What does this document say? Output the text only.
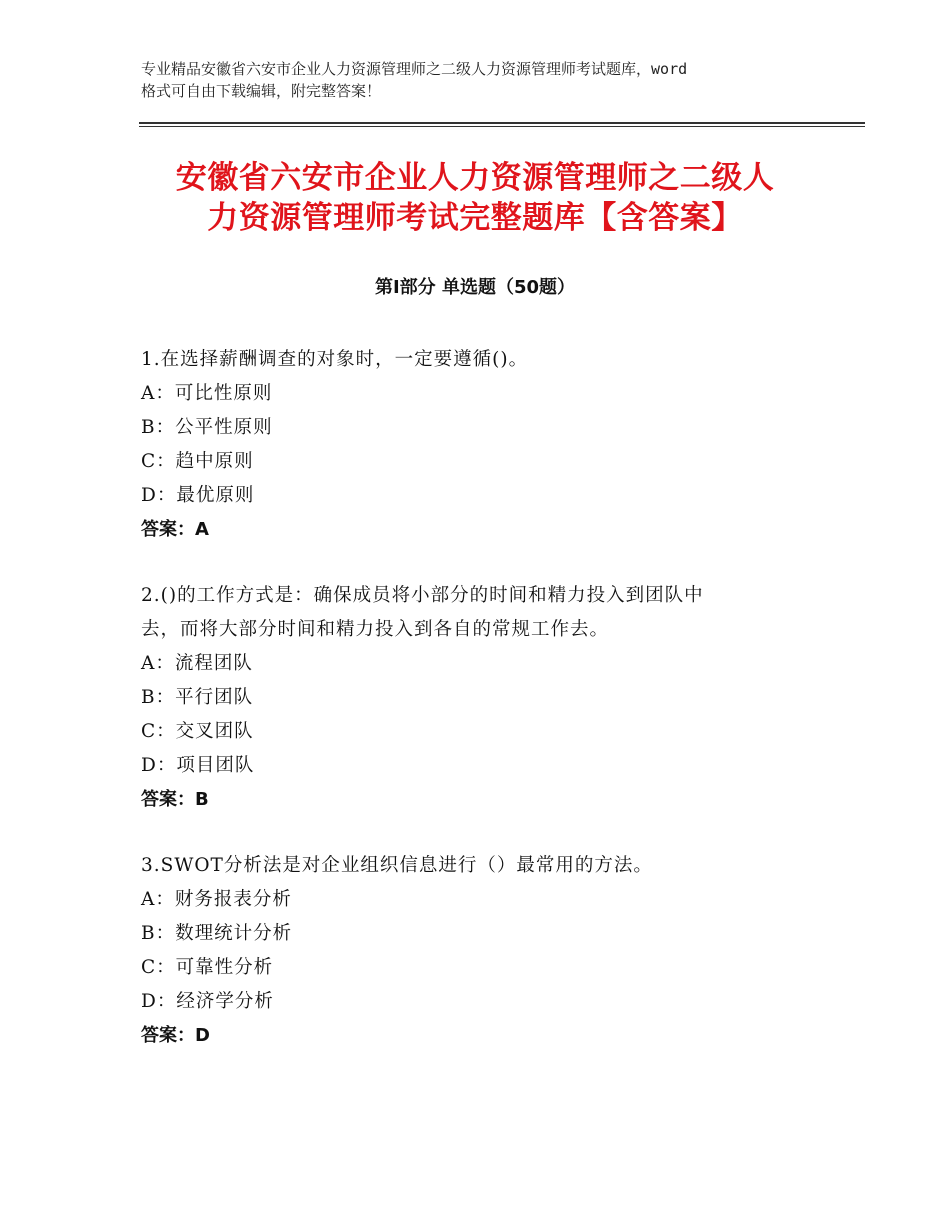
专业精品安徽省六安市企业人力资源管理师之二级人力资源管理师考试题库，word
格式可自由下载编辑，附完整答案！
安徽省六安市企业人力资源管理师之二级人
力资源管理师考试完整题库【含答案】
第Ⅰ部分 单选题（50题）
1.在选择薪酬调查的对象时，一定要遵循()。
A：可比性原则
B：公平性原则
C：趋中原则
D：最优原则
答案：A
2.()的工作方式是：确保成员将小部分的时间和精力投入到团队中
去，而将大部分时间和精力投入到各自的常规工作去。
A：流程团队
B：平行团队
C：交叉团队
D：项目团队
答案：B
3.SWOT分析法是对企业组织信息进行（）最常用的方法。
A：财务报表分析
B：数理统计分析
C：可靠性分析
D：经济学分析
答案：D
